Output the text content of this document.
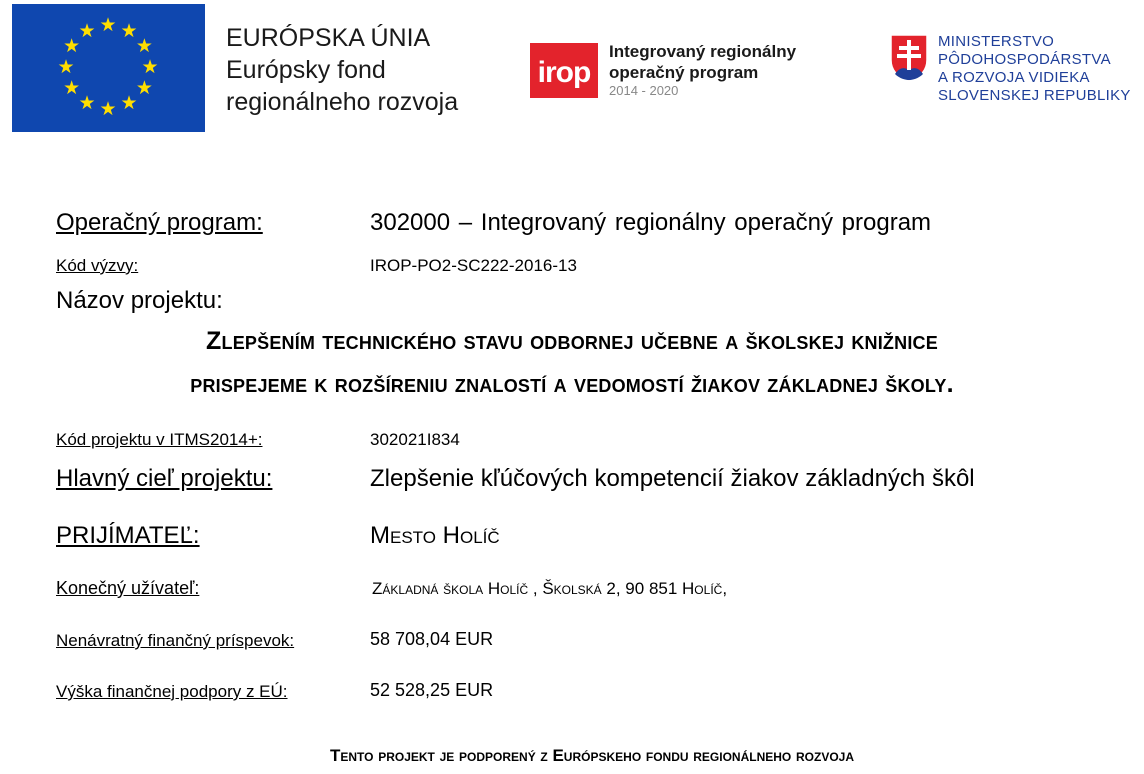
★ ★
★
★
★
★
★
★
★
★
★
★	EURÓPSKA ÚNIA
Európsky fond
regionálneho rozvoja
irop
Integrovaný regionálny
operačný program
2014 - 2020
MINISTERSTVO
PÔDOHOSPODÁRSTVA
A ROZVOJA VIDIEKA
SLOVENSKEJ REPUBLIKY
Operačný program:	302000 – Integrovaný regionálny operačný program
Kód výzvy:	IROP-PO2-SC222-2016-13
Názov projektu:
Zlepšením technického stavu odbornej učebne a školskej knižnice
prispejeme k rozšíreniu znalostí a vedomostí žiakov základnej školy.
Kód projektu v ITMS2014+:	302021I834
Hlavný cieľ projektu:	Zlepšenie kľúčových kompetencií žiakov základných škôl
PRIJÍMATEĽ:	Mesto Holíč
Konečný užívateľ:	Základná škola Holíč , Školská 2, 90 851 Holíč,
Nenávratný finančný príspevok:	58 708,04 EUR
Výška finančnej podpory z EÚ:	52 528,25 EUR
Tento projekt je podporený z Európskeho fondu regionálneho rozvoja
